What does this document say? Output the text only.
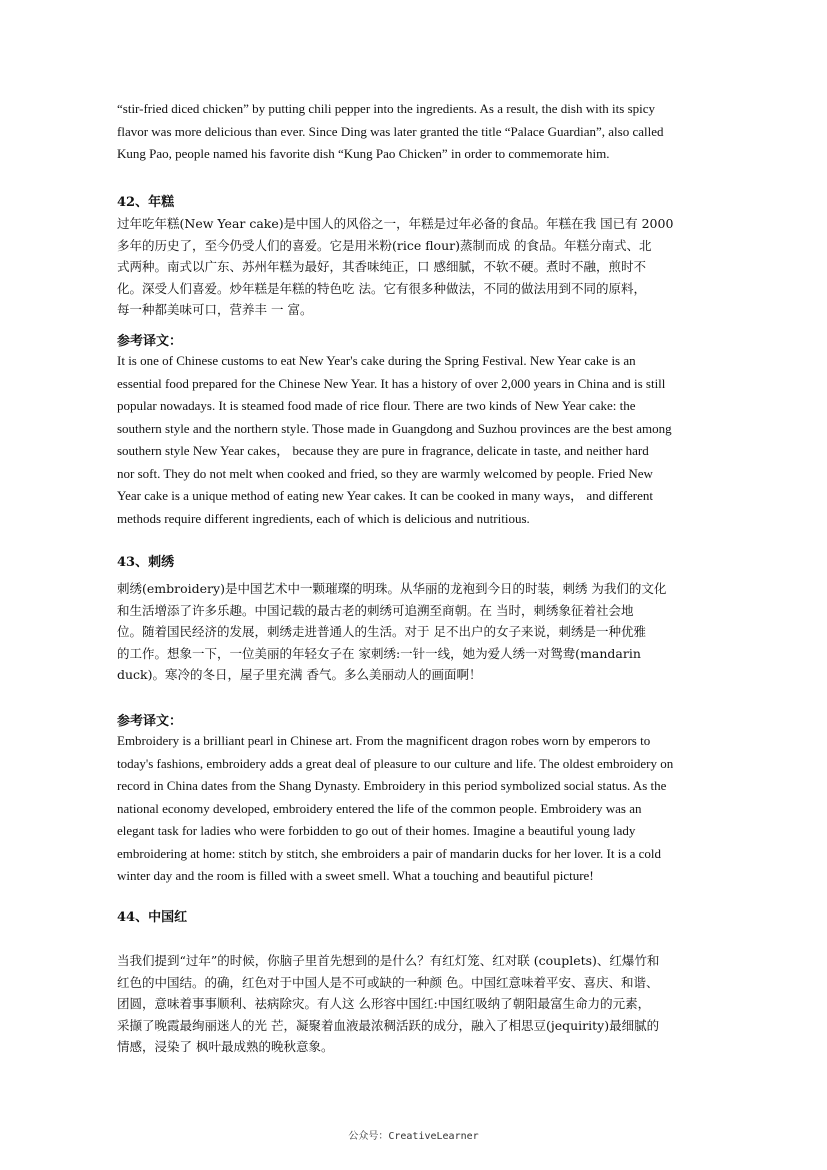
“stir-fried diced chicken” by putting chili pepper into the ingredients. As a result, the dish with its spicy
flavor was more delicious than ever. Since Ding was later granted the title “Palace Guardian”, also called
Kung Pao, people named his favorite dish “Kung Pao Chicken” in order to commemorate him.
42、年糕
过年吃年糕(New Year cake)是中国人的风俗之一，年糕是过年必备的食品。年糕在我 国已有 2000
多年的历史了，至今仍受人们的喜爱。它是用米粉(rice flour)蒸制而成 的食品。年糕分南式、北
式两种。南式以广东、苏州年糕为最好，其香味纯正，口 感细腻，不软不硬。煮时不融，煎时不
化。深受人们喜爱。炒年糕是年糕的特色吃 法。它有很多种做法，不同的做法用到不同的原料，
每一种都美味可口，营养丰 一 富。
参考译文：
It is one of Chinese customs to eat New Year's cake during the Spring Festival. New Year cake is an
essential food prepared for the Chinese New Year. It has a history of over 2,000 years in China and is still
popular nowadays. It is steamed food made of rice flour. There are two kinds of New Year cake: the
southern style and the northern style. Those made in Guangdong and Suzhou provinces are the best among
southern style New Year cakes， because they are pure in fragrance, delicate in taste, and neither hard
nor soft. They do not melt when cooked and fried, so they are warmly welcomed by people. Fried New
Year cake is a unique method of eating new Year cakes. It can be cooked in many ways， and different
methods require different ingredients, each of which is delicious and nutritious.
43、刺绣
刺绣(embroidery)是中国艺术中一颗璀璨的明珠。从华丽的龙袍到今日的时装，刺绣 为我们的文化
和生活增添了许多乐趣。中国记载的最古老的刺绣可追溯至商朝。在 当时，刺绣象征着社会地
位。随着国民经济的发展，刺绣走进普通人的生活。对于 足不出户的女子来说，刺绣是一种优雅
的工作。想象一下，一位美丽的年轻女子在 家刺绣:一针一线，她为爱人绣一对鸳鸯(mandarin
duck)。寒冷的冬日，屋子里充满 香气。多么美丽动人的画面啊！
参考译文：
Embroidery is a brilliant pearl in Chinese art. From the magnificent dragon robes worn by emperors to
today's fashions, embroidery adds a great deal of pleasure to our culture and life. The oldest embroidery on
record in China dates from the Shang Dynasty. Embroidery in this period symbolized social status. As the
national economy developed, embroidery entered the life of the common people. Embroidery was an
elegant task for ladies who were forbidden to go out of their homes. Imagine a beautiful young lady
embroidering at home: stitch by stitch, she embroiders a pair of mandarin ducks for her lover. It is a cold
winter day and the room is filled with a sweet smell. What a touching and beautiful picture!
44、中国红
当我们提到“过年”的时候，你脑子里首先想到的是什么？有红灯笼、红对联 (couplets)、红爆竹和
红色的中国结。的确，红色对于中国人是不可或缺的一种颜 色。中国红意味着平安、喜庆、和谐、
团圆，意味着事事顺利、祛病除灾。有人这 么形容中国红:中国红吸纳了朝阳最富生命力的元素，
采撷了晚霞最绚丽迷人的光 芒，凝聚着血液最浓稠活跃的成分，融入了相思豆(jequirity)最细腻的
情感，浸染了 枫叶最成熟的晚秋意象。
公众号：CreativeLearner
